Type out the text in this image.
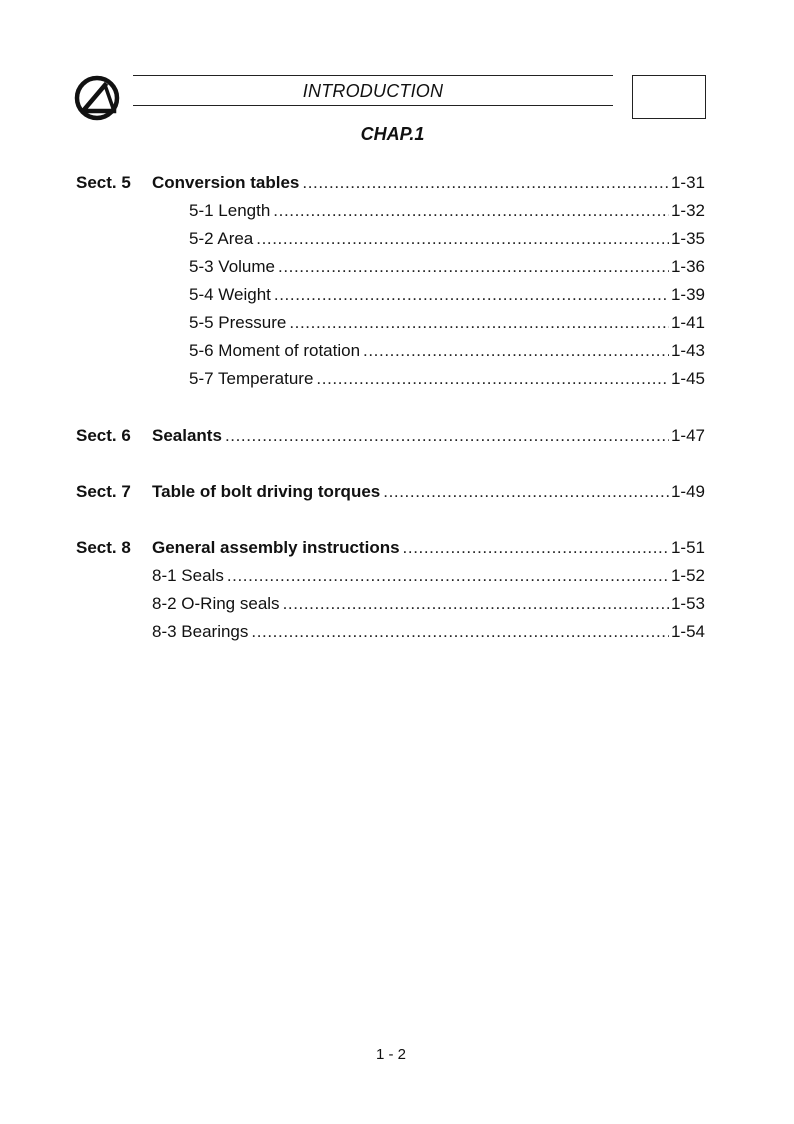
INTRODUCTION
CHAP.1
Sect. 5 Conversion tables .....	1-31
5-1 Length .....	1-32
5-2 Area .....	1-35
5-3 Volume .....	1-36
5-4 Weight .....	1-39
5-5 Pressure .....	1-41
5-6 Moment of rotation .....	1-43
5-7 Temperature .....	1-45
Sect. 6 Sealants .....	1-47
Sect. 7 Table of bolt driving torques .....	1-49
Sect. 8 General assembly instructions .....	1-51
8-1 Seals .....	1-52
8-2 O-Ring seals .....	1-53
8-3 Bearings .....	1-54
1 - 2
